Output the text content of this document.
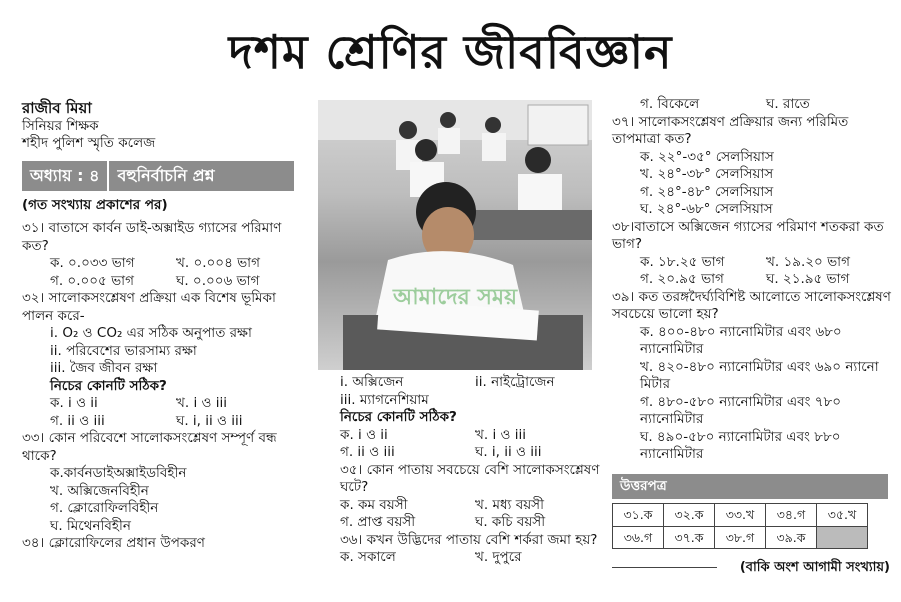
দশম শ্রেণির জীববিজ্ঞান
রাজীব মিয়া
সিনিয়র শিক্ষক
শহীদ পুলিশ স্মৃতি কলেজ
অধ্যায় : ৪	বহুনির্বাচনি প্রশ্ন
(গত সংখ্যায় প্রকাশের পর)
৩১। বাতাসে কার্বন ডাই-অক্সাইড গ্যাসের পরিমাণ কত?
ক. ০.০৩৩ ভাগ	খ. ০.০০৪ ভাগ
গ. ০.০০৫ ভাগ	ঘ. ০.০০৬ ভাগ
৩২। সালোকসংশ্লেষণ প্রক্রিয়া এক বিশেষ ভূমিকা পালন করে-
i. O₂ ও CO₂ এর সঠিক অনুপাত রক্ষা
ii. পরিবেশের ভারসাম্য রক্ষা
iii. জৈব জীবন রক্ষা
নিচের কোনটি সঠিক?
ক. i ও ii	খ. i ও iii
গ. ii ও iii	ঘ. i, ii ও iii
৩৩। কোন পরিবেশে সালোকসংশ্লেষণ সম্পূর্ণ বন্ধ থাকে?
ক.কার্বনডাইঅক্সাইডবিহীন
খ. অক্সিজেনবিহীন
গ. ক্লোরোফিলবিহীন
ঘ. মিথেনবিহীন
৩৪। ক্লোরোফিলের প্রধান উপকরণ
আমাদের সময়
i. অক্সিজেন	ii. নাইট্রোজেন
iii. ম্যাগনেশিয়াম
নিচের কোনটি সঠিক?
ক. i ও ii	খ. i ও iii
গ. ii ও iii	ঘ. i, ii ও iii
৩৫। কোন পাতায় সবচেয়ে বেশি সালোকসংশ্লেষণ ঘটে?
ক. কম বয়সী	খ. মধ্য বয়সী
গ. প্রাপ্ত বয়সী	ঘ. কচি বয়সী
৩৬। কখন উদ্ভিদের পাতায় বেশি শর্করা জমা হয়?
ক. সকালে	খ. দুপুরে
গ. বিকেলে	ঘ. রাতে
৩৭। সালোকসংশ্লেষণ প্রক্রিয়ার জন্য পরিমিত তাপমাত্রা কত?
ক. ২২°-৩৫° সেলসিয়াস
খ. ২৪°-৩৮° সেলসিয়াস
গ. ২৪°-৪৮° সেলসিয়াস
ঘ. ২৪°-৬৮° সেলসিয়াস
৩৮।বাতাসে অক্সিজেন গ্যাসের পরিমাণ শতকরা কত ভাগ?
ক. ১৮.২৫ ভাগ	খ. ১৯.২০ ভাগ
গ. ২০.৯৫ ভাগ	ঘ. ২১.৯৫ ভাগ
৩৯। কত তরঙ্গদৈর্ঘ্যবিশিষ্ট আলোতে সালোকসংশ্লেষণ সবচেয়ে ভালো হয়?
ক. ৪০০-৪৮০ ন্যানোমিটার এবং ৬৮০ ন্যানোমিটার
খ. ৪২০-৪৮০ ন্যানোমিটার এবং ৬৯০ ন্যানো মিটার
গ. ৪৮০-৫৮০ ন্যানোমিটার এবং ৭৮০ ন্যানোমিটার
ঘ. ৪৯০-৫৮০ ন্যানোমিটার এবং ৮৮০ ন্যানোমিটার
উত্তরপত্র
৩১.ক	৩২.ক	৩৩.খ	৩৪.গ	৩৫.খ
৩৬.গ	৩৭.ক	৩৮.গ	৩৯.ক	
(বাকি অংশ আগামী সংখ্যায়)
